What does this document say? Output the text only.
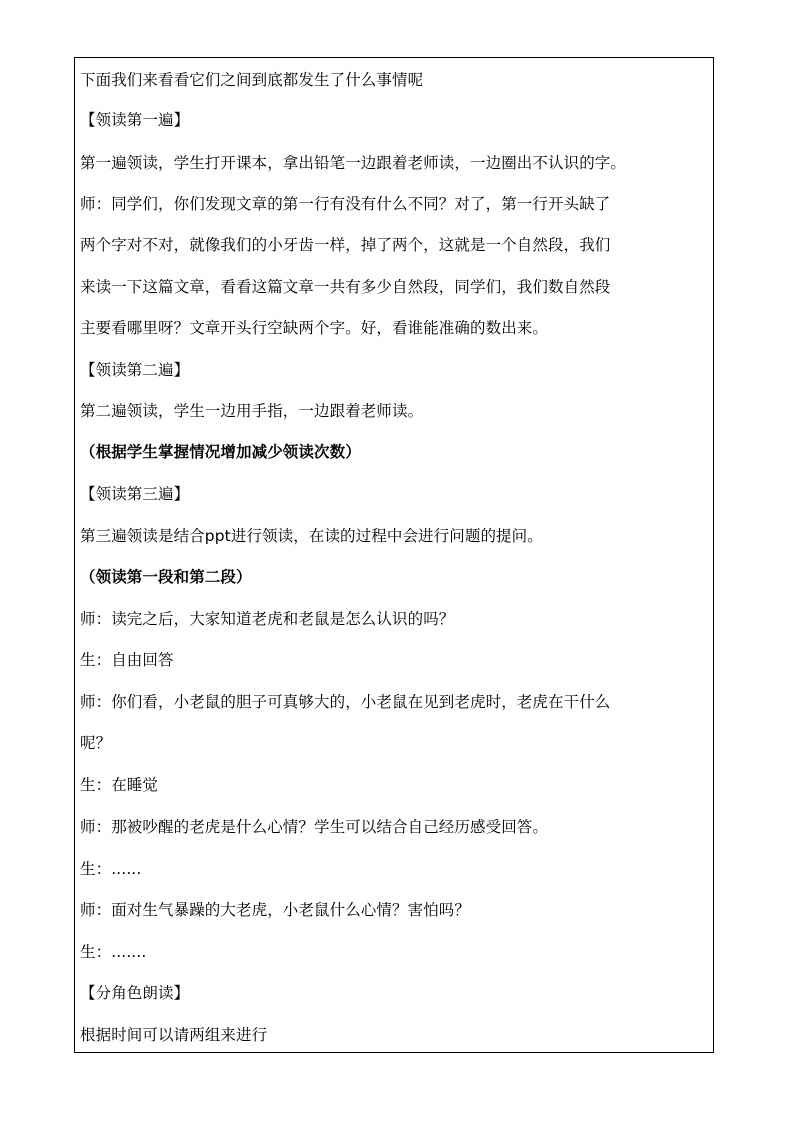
下面我们来看看它们之间到底都发生了什么事情呢
【领读第一遍】
第一遍领读，学生打开课本，拿出铅笔一边跟着老师读，一边圈出不认识的字。
师：同学们，你们发现文章的第一行有没有什么不同？对了，第一行开头缺了
两个字对不对，就像我们的小牙齿一样，掉了两个，这就是一个自然段，我们
来读一下这篇文章，看看这篇文章一共有多少自然段，同学们，我们数自然段
主要看哪里呀？文章开头行空缺两个字。好，看谁能准确的数出来。
【领读第二遍】
第二遍领读，学生一边用手指，一边跟着老师读。
（根据学生掌握情况增加减少领读次数）
【领读第三遍】
第三遍领读是结合ppt进行领读，在读的过程中会进行问题的提问。
（领读第一段和第二段）
师：读完之后，大家知道老虎和老鼠是怎么认识的吗？
生：自由回答
师：你们看，小老鼠的胆子可真够大的，小老鼠在见到老虎时，老虎在干什么
呢？
生：在睡觉
师：那被吵醒的老虎是什么心情？学生可以结合自己经历感受回答。
生：......
师：面对生气暴躁的大老虎，小老鼠什么心情？害怕吗？
生：.......
【分角色朗读】
根据时间可以请两组来进行
